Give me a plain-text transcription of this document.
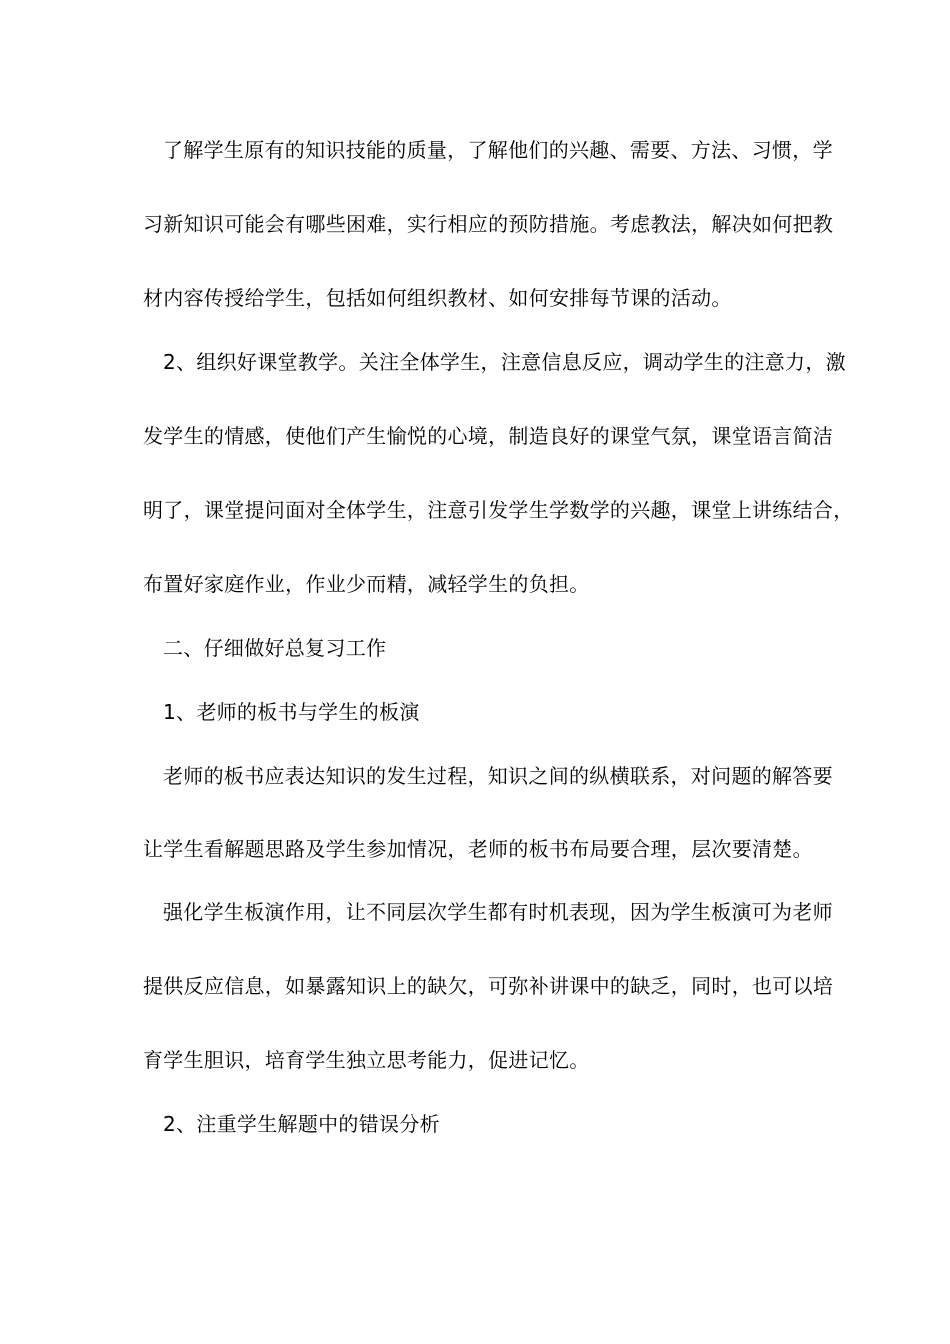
了解学生原有的知识技能的质量，了解他们的兴趣、需要、方法、习惯，学
习新知识可能会有哪些困难，实行相应的预防措施。考虑教法，解决如何把教
材内容传授给学生，包括如何组织教材、如何安排每节课的活动。
2、组织好课堂教学。关注全体学生，注意信息反应，调动学生的注意力，激
发学生的情感，使他们产生愉悦的心境，制造良好的课堂气氛，课堂语言简洁
明了，课堂提问面对全体学生，注意引发学生学数学的兴趣，课堂上讲练结合，
布置好家庭作业，作业少而精，减轻学生的负担。
二、仔细做好总复习工作
1、老师的板书与学生的板演
老师的板书应表达知识的发生过程，知识之间的纵横联系，对问题的解答要
让学生看解题思路及学生参加情况，老师的板书布局要合理，层次要清楚。
强化学生板演作用，让不同层次学生都有时机表现，因为学生板演可为老师
提供反应信息，如暴露知识上的缺欠，可弥补讲课中的缺乏，同时，也可以培
育学生胆识，培育学生独立思考能力，促进记忆。
2、注重学生解题中的错误分析
